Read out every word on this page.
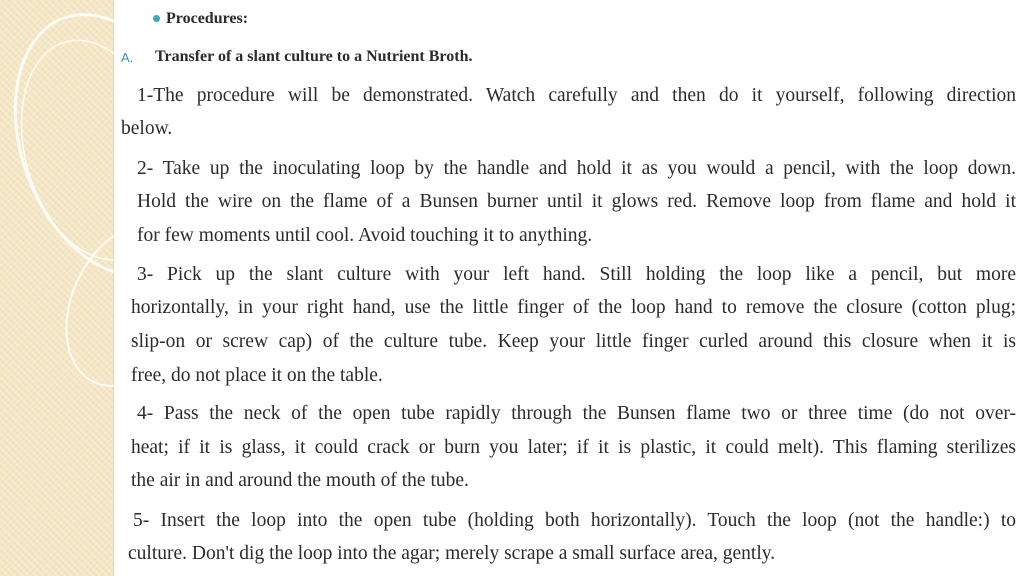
Procedures:
A. Transfer of a slant culture to a Nutrient Broth.
1-The procedure will be demonstrated. Watch carefully and then do it yourself, following direction
below.
2- Take up the inoculating loop by the handle and hold it as you would a pencil, with the loop down.
Hold the wire on the flame of a Bunsen burner until it glows red. Remove loop from flame and hold it
for few moments until cool. Avoid touching it to anything.
3- Pick up the slant culture with your left hand. Still holding the loop like a pencil, but more
horizontally, in your right hand, use the little finger of the loop hand to remove the closure (cotton plug;
slip-on or screw cap) of the culture tube. Keep your little finger curled around this closure when it is
free, do not place it on the table.
4- Pass the neck of the open tube rapidly through the Bunsen flame two or three time (do not over-
heat; if it is glass, it could crack or burn you later; if it is plastic, it could melt). This flaming sterilizes
the air in and around the mouth of the tube.
5- Insert the loop into the open tube (holding both horizontally). Touch the loop (not the handle:) to
culture. Don't dig the loop into the agar; merely scrape a small surface area, gently.
